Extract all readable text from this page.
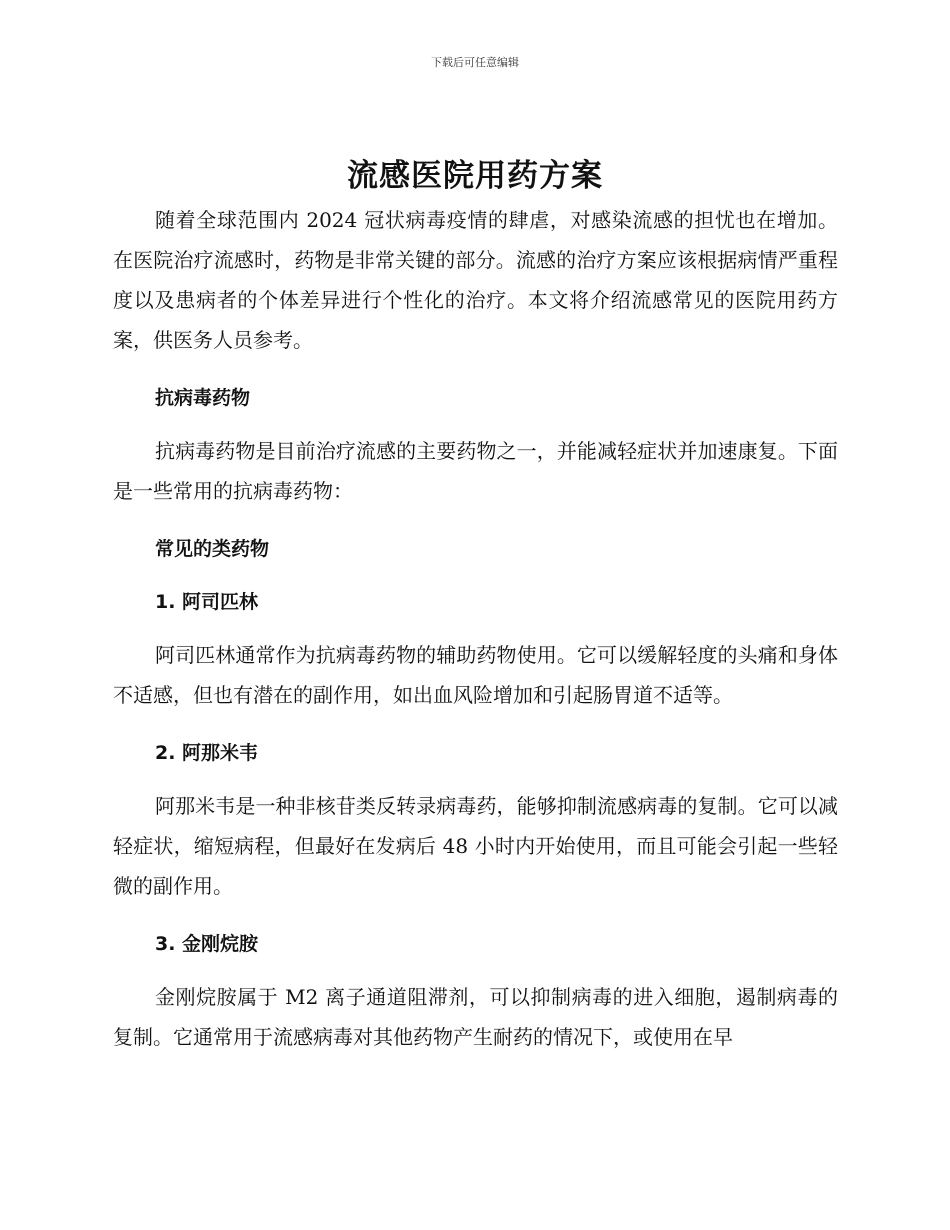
下载后可任意编辑
流感医院用药方案

随着全球范围内 2024 冠状病毒疫情的肆虐，对感染流感的担忧也在增加。在医院治疗流感时，药物是非常关键的部分。流感的治疗方案应该根据病情严重程度以及患病者的个体差异进行个性化的治疗。本文将介绍流感常见的医院用药方案，供医务人员参考。

抗病毒药物

抗病毒药物是目前治疗流感的主要药物之一，并能减轻症状并加速康复。下面是一些常用的抗病毒药物：

常见的类药物
1. 阿司匹林

阿司匹林通常作为抗病毒药物的辅助药物使用。它可以缓解轻度的头痛和身体不适感，但也有潜在的副作用，如出血风险增加和引起肠胃道不适等。

2. 阿那米韦

阿那米韦是一种非核苷类反转录病毒药，能够抑制流感病毒的复制。它可以减轻症状，缩短病程，但最好在发病后 48 小时内开始使用，而且可能会引起一些轻微的副作用。

3. 金刚烷胺

金刚烷胺属于 M2 离子通道阻滞剂，可以抑制病毒的进入细胞，遏制病毒的复制。它通常用于流感病毒对其他药物产生耐药的情况下，或使用在早
